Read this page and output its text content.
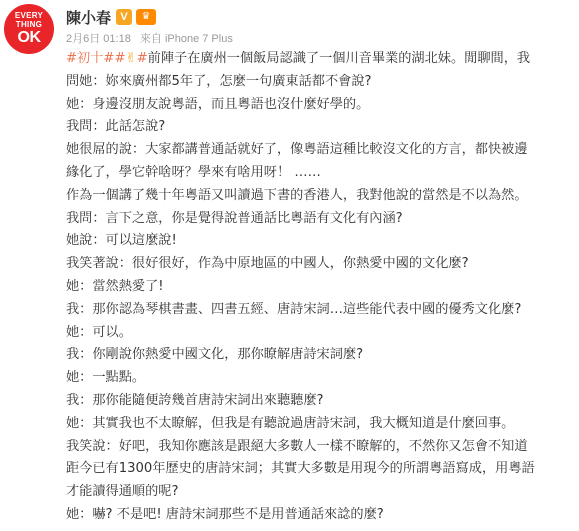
EVERY
THING
OK
陳小春 V	♛
2月6日 01:18 來自 iPhone 7 Plus
#初十##✌#前陣子在廣州一個飯局認識了一個川音畢業的湖北妹。閒聊間，我
問她：妳來廣州都5年了，怎麼一句廣東話都不會說?
她：身邊沒朋友說粵語，而且粵語也沒什麼好學的。
我問：此話怎說?
她很屌的說：大家都講普通話就好了，像粵語這種比較沒文化的方言，都快被邊
緣化了，學它幹啥呀？學來有啥用呀！ ……
作為一個講了幾十年粵語又叫讀過下書的香港人，我對他說的當然是不以為然。
我問：言下之意，你是覺得說普通話比粵語有文化有內涵?
她說：可以這麼說!
我笑著說：很好很好，作為中原地區的中國人，你熱愛中國的文化麼?
她：當然熱愛了!
我：那你認為琴棋書畫、四書五經、唐詩宋詞…這些能代表中國的優秀文化麼?
她：可以。
我：你剛說你熱愛中國文化，那你瞭解唐詩宋詞麼?
她：一點點。
我：那你能隨便誇幾首唐詩宋詞出來聽聽麼?
她：其實我也不太瞭解，但我是有聽說過唐詩宋詞，我大概知道是什麼回事。
我笑說：好吧，我知你應該是跟絕大多數人一樣不瞭解的，不然你又怎會不知道
距今已有1300年歷史的唐詩宋詞；其實大多數是用現今的所謂粵語寫成，用粵語
才能讀得通順的呢?
她：嚇? 不是吧! 唐詩宋詞那些不是用普通話來諗的麼?
